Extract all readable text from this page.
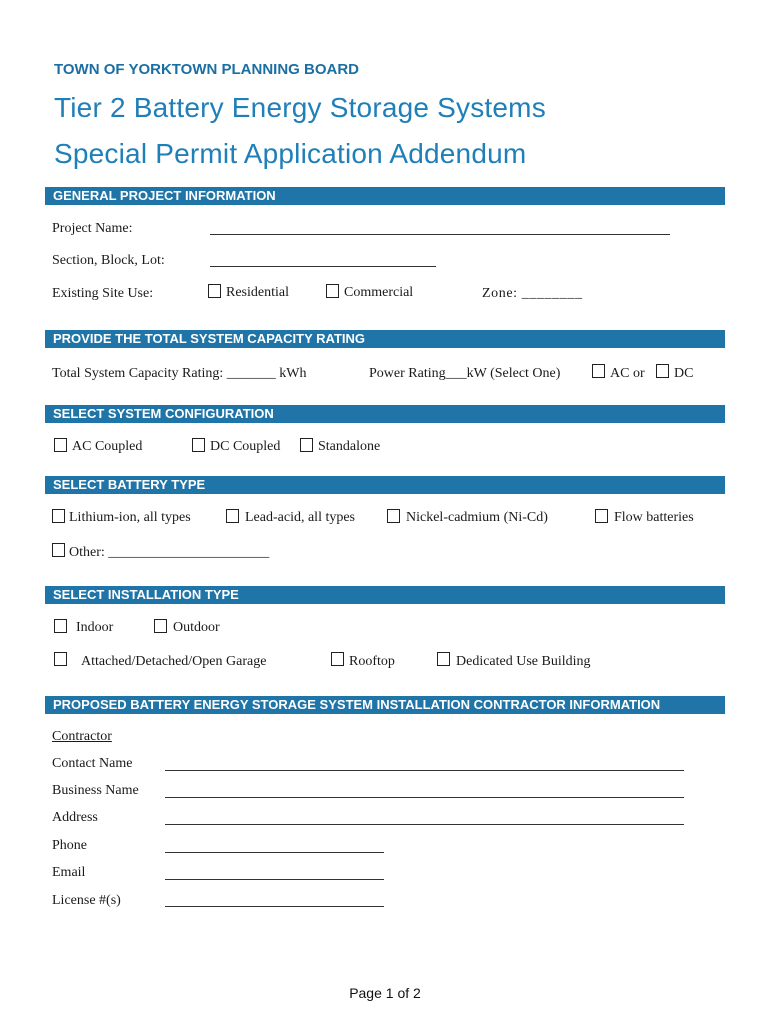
TOWN OF YORKTOWN PLANNING BOARD
Tier 2 Battery Energy Storage Systems
Special Permit Application Addendum
GENERAL PROJECT INFORMATION
Project Name:
Section, Block, Lot:
Existing Site Use:	Residential	Commercial	Zone: ________
PROVIDE THE TOTAL SYSTEM CAPACITY RATING
Total System Capacity Rating: _______ kWh	Power Rating___kW (Select One)	AC or DC
SELECT SYSTEM CONFIGURATION
AC Coupled	DC Coupled	Standalone
SELECT BATTERY TYPE
Lithium-ion, all types	Lead-acid, all types	Nickel-cadmium (Ni-Cd)	Flow batteries
Other: _______________________
SELECT INSTALLATION TYPE
Indoor	Outdoor
Attached/Detached/Open Garage	Rooftop	Dedicated Use Building
PROPOSED BATTERY ENERGY STORAGE SYSTEM INSTALLATION CONTRACTOR INFORMATION
Contractor
Contact Name
Business Name
Address
Phone
Email
License #(s)
Page 1 of 2
